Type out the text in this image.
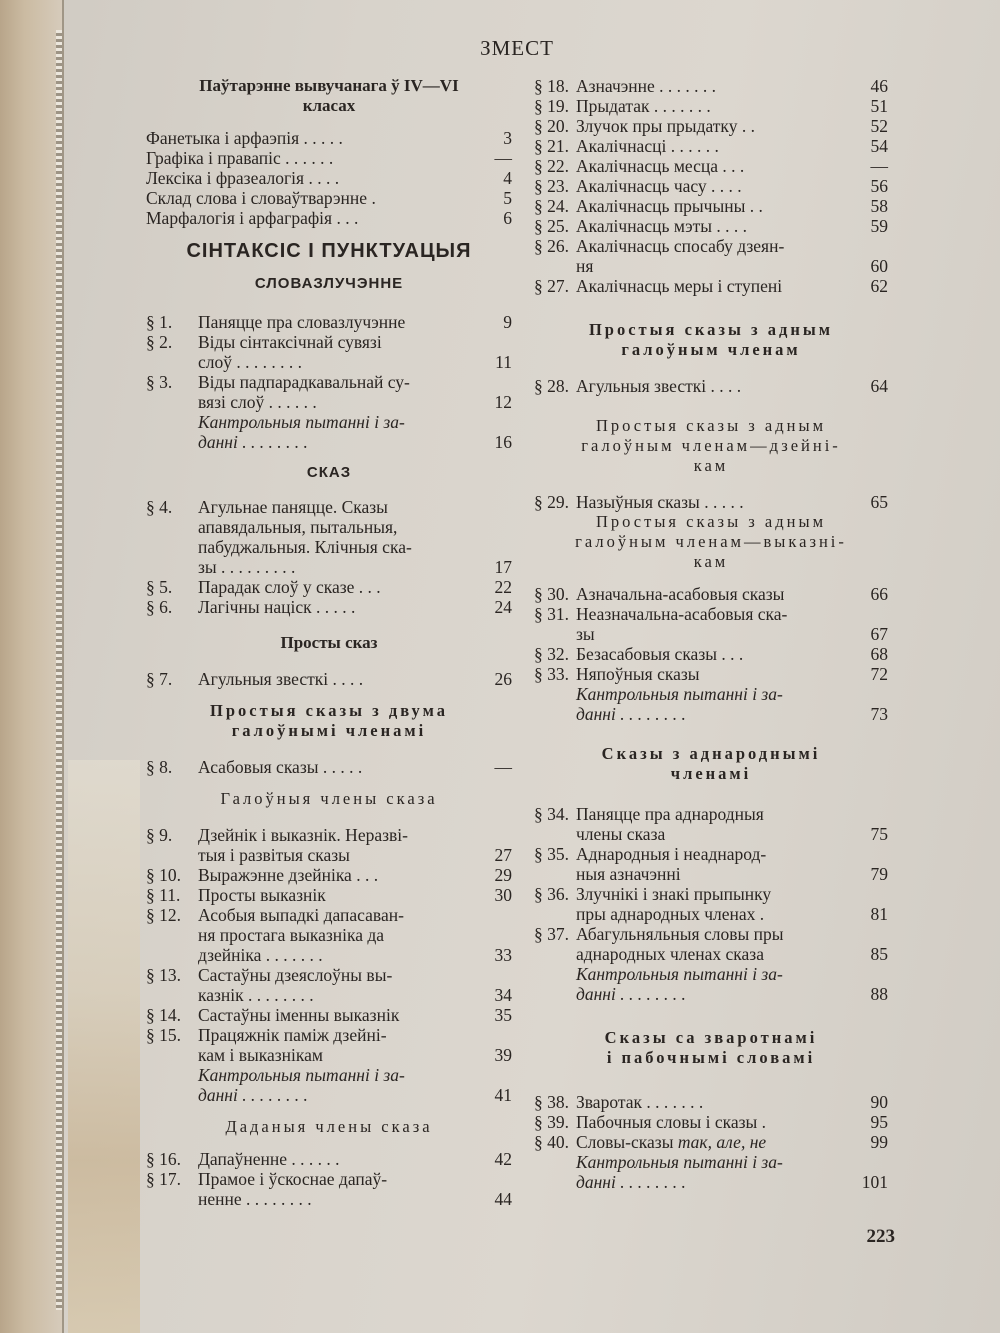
ЗМЕСТ
Паўтарэнне вывучанага ў IV—VI
класах
Фанетыка і арфаэпія . . . . .	3
Графіка і правапіс . . . . . .	—
Лексіка і фразеалогія . . . .	4
Склад слова і словаўтварэнне .	5
Марфалогія і арфаграфія . . .	6
СІНТАКСІС І ПУНКТУАЦЫЯ
СЛОВАЗЛУЧЭННЕ
§ 1.	Паняцце пра словазлучэнне	9
§ 2.	Віды сінтаксічнай сувязі
слоў . . . . . . . .	11
§ 3.	Віды падпарадкавальнай су-
вязі слоў . . . . . .	12
Кантрольныя пытанні і за-
данні . . . . . . . .	16
СКАЗ
§ 4.	Агульнае паняцце. Сказы
апавядальныя, пытальныя,
пабуджальныя. Клічныя ска-
зы . . . . . . . . .	17
§ 5.	Парадак слоў у сказе . . .	22
§ 6.	Лагічны націск . . . . .	24
Просты сказ
§ 7.	Агульныя звесткі . . . .	26
Простыя сказы з двума
галоўнымі членамі
§ 8.	Асабовыя сказы . . . . .	—
Галоўныя члены сказа
§ 9.	Дзейнік і выказнік. Неразві-
тыя і развітыя сказы	27
§ 10. Выражэнне дзейніка . . .	29
§ 11.	Просты выказнік	30
§ 12. Асобыя выпадкі дапасаван-
ня простага выказніка да
дзейніка . . . . . . .	33
§ 13. Састаўны дзеяслоўны вы-
казнік . . . . . . . .	34
§ 14. Састаўны іменны выказнік	35
§ 15. Працяжнік паміж дзейні-
кам і выказнікам	39
Кантрольныя пытанні і за-
данні . . . . . . . .	41
Даданыя члены сказа
§ 16. Дапаўненне . . . . . .	42
§ 17. Прамое і ўскоснае дапаў-
ненне . . . . . . . .	44
§ 18. Азначэнне . . . . . . .	46
§ 19. Прыдатак . . . . . . .	51
§ 20. Злучок пры прыдатку . .	52
§ 21. Акалічнасці . . . . . .	54
§ 22. Акалічнасць месца . . .	—
§ 23. Акалічнасць часу . . . .	56
§ 24. Акалічнасць прычыны . .	58
§ 25. Акалічнасць мэты . . . .	59
§ 26. Акалічнасць спосабу дзеян-
ня	60
§ 27. Акалічнасць меры і ступені	62
Простыя сказы з адным
галоўным членам
§ 28. Агульныя звесткі . . . .	64
Простыя сказы з адным
галоўным членам—дзейні-
кам
§ 29. Назыўныя сказы . . . . .	65
Простыя сказы з адным
галоўным членам—выказні-
кам
§ 30. Азначальна-асабовыя сказы	66
§ 31. Неазначальна-асабовыя ска-
зы	67
§ 32. Безасабовыя сказы . . .	68
§ 33. Няпоўныя сказы	72
Кантрольныя пытанні і за-
данні . . . . . . . .	73
Сказы з аднароднымі
членамі
§ 34. Паняцце пра аднародныя
члены сказа	75
§ 35. Аднародныя і неаднарод-
ныя азначэнні	79
§ 36. Злучнікі і знакі прыпынку
пры аднародных членах .	81
§ 37. Абагульняльныя словы пры
аднародных членах сказа	85
Кантрольныя пытанні і за-
данні . . . . . . . .	88
Сказы са зваротнамі
і пабочнымі словамі
§ 38. Зваротак . . . . . . .	90
§ 39. Пабочныя словы і сказы .	95
§ 40. Словы-сказы так, але, не	99
Кантрольныя пытанні і за-
данні . . . . . . . .	101
223
